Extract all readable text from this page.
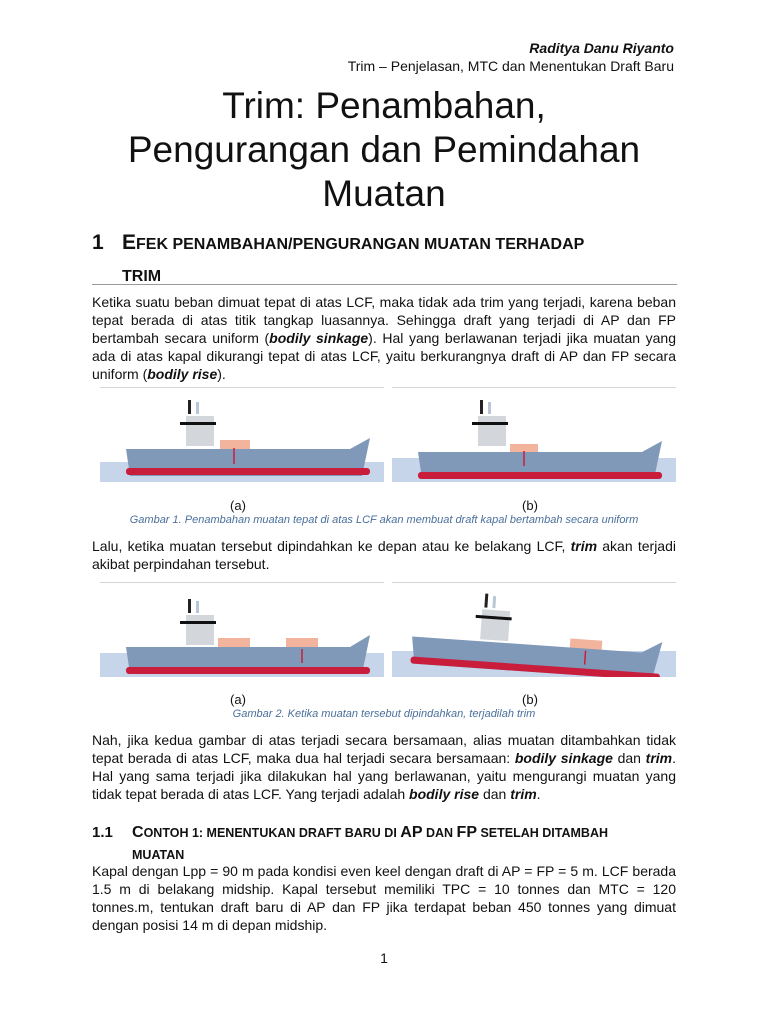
Raditya Danu Riyanto
Trim – Penjelasan, MTC dan Menentukan Draft Baru
Trim: Penambahan,
Pengurangan dan Pemindahan
Muatan
1 EFEK PENAMBAHAN/PENGURANGAN MUATAN TERHADAP
TRIM
Ketika suatu beban dimuat tepat di atas LCF, maka tidak ada trim yang terjadi, karena beban tepat berada di atas titik tangkap luasannya. Sehingga draft yang terjadi di AP dan FP bertambah secara uniform (bodily sinkage). Hal yang berlawanan terjadi jika muatan yang ada di atas kapal dikurangi tepat di atas LCF, yaitu berkurangnya draft di AP dan FP secara uniform (bodily rise).
(a)	(b)
Gambar 1. Penambahan muatan tepat di atas LCF akan membuat draft kapal bertambah secara uniform
Lalu, ketika muatan tersebut dipindahkan ke depan atau ke belakang LCF, trim akan terjadi akibat perpindahan tersebut.
(a)	(b)
Gambar 2. Ketika muatan tersebut dipindahkan, terjadilah trim
Nah, jika kedua gambar di atas terjadi secara bersamaan, alias muatan ditambahkan tidak tepat berada di atas LCF, maka dua hal terjadi secara bersamaan: bodily sinkage dan trim. Hal yang sama terjadi jika dilakukan hal yang berlawanan, yaitu mengurangi muatan yang tidak tepat berada di atas LCF. Yang terjadi adalah bodily rise dan trim.
1.1 CONTOH 1: MENENTUKAN DRAFT BARU DI AP DAN FP SETELAH DITAMBAH
MUATAN
Kapal dengan Lpp = 90 m pada kondisi even keel dengan draft di AP = FP = 5 m. LCF berada 1.5 m di belakang midship. Kapal tersebut memiliki TPC = 10 tonnes dan MTC = 120 tonnes.m, tentukan draft baru di AP dan FP jika terdapat beban 450 tonnes yang dimuat dengan posisi 14 m di depan midship.
1
